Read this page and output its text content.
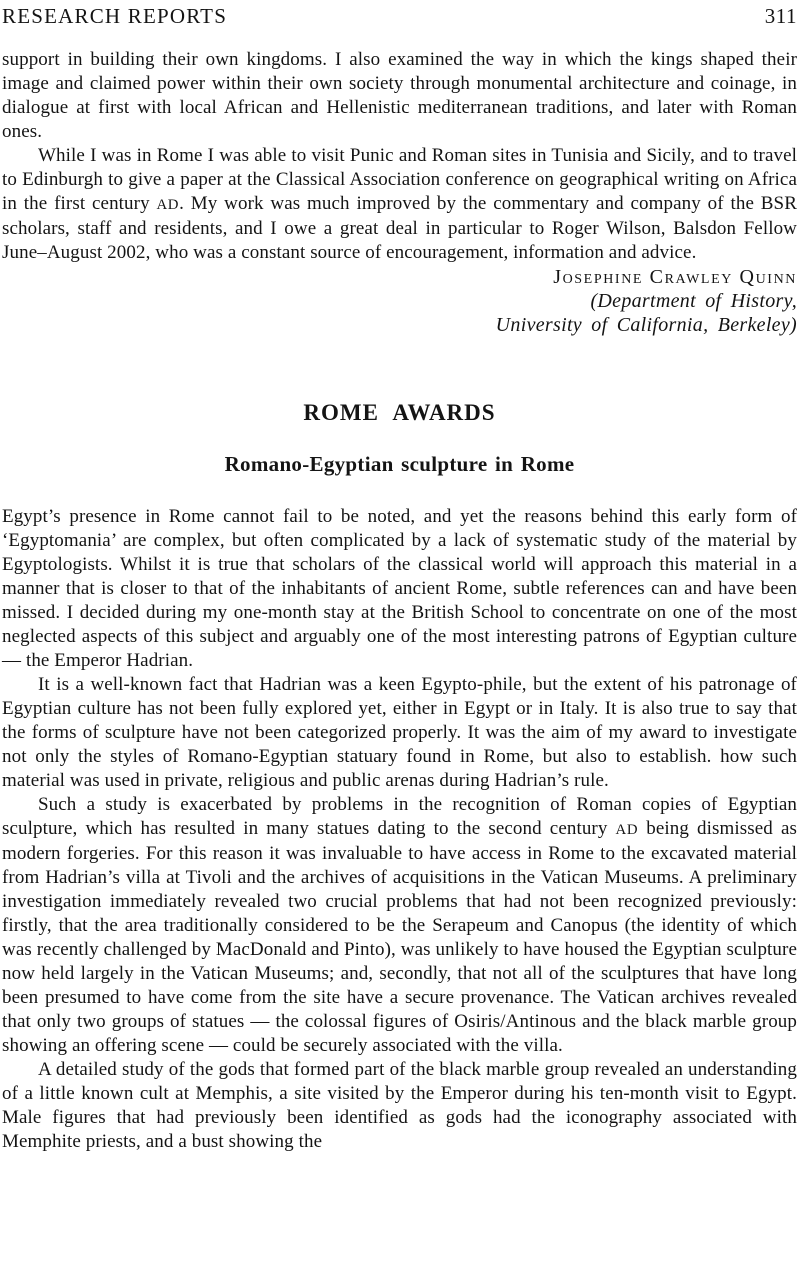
RESEARCH REPORTS	311

support in building their own kingdoms. I also examined the way in which the kings shaped their image and claimed power within their own society through monumental architecture and coinage, in dialogue at first with local African and Hellenistic mediterranean traditions, and later with Roman ones.

While I was in Rome I was able to visit Punic and Roman sites in Tunisia and Sicily, and to travel to Edinburgh to give a paper at the Classical Association conference on geographical writing on Africa in the first century AD. My work was much improved by the commentary and company of the BSR scholars, staff and residents, and I owe a great deal in particular to Roger Wilson, Balsdon Fellow June–August 2002, who was a constant source of encouragement, information and advice.

Josephine Crawley Quinn
(Department of History,
University of California, Berkeley)
ROME AWARDS
Romano-Egyptian sculpture in Rome

Egypt’s presence in Rome cannot fail to be noted, and yet the reasons behind this early form of ‘Egyptomania’ are complex, but often complicated by a lack of systematic study of the material by Egyptologists. Whilst it is true that scholars of the classical world will approach this material in a manner that is closer to that of the inhabitants of ancient Rome, subtle references can and have been missed. I decided during my one-month stay at the British School to concentrate on one of the most neglected aspects of this subject and arguably one of the most interesting patrons of Egyptian culture — the Emperor Hadrian.

It is a well-known fact that Hadrian was a keen Egypto-phile, but the extent of his patronage of Egyptian culture has not been fully explored yet, either in Egypt or in Italy. It is also true to say that the forms of sculpture have not been categorized properly. It was the aim of my award to investigate not only the styles of Romano-Egyptian statuary found in Rome, but also to establish. how such material was used in private, religious and public arenas during Hadrian’s rule.

Such a study is exacerbated by problems in the recognition of Roman copies of Egyptian sculpture, which has resulted in many statues dating to the second century AD being dismissed as modern forgeries. For this reason it was invaluable to have access in Rome to the excavated material from Hadrian’s villa at Tivoli and the archives of acquisitions in the Vatican Museums. A preliminary investigation immediately revealed two crucial problems that had not been recognized previously: firstly, that the area traditionally considered to be the Serapeum and Canopus (the identity of which was recently challenged by MacDonald and Pinto), was unlikely to have housed the Egyptian sculpture now held largely in the Vatican Museums; and, secondly, that not all of the sculptures that have long been presumed to have come from the site have a secure provenance. The Vatican archives revealed that only two groups of statues — the colossal figures of Osiris/Antinous and the black marble group showing an offering scene — could be securely associated with the villa.

A detailed study of the gods that formed part of the black marble group revealed an understanding of a little known cult at Memphis, a site visited by the Emperor during his ten-month visit to Egypt. Male figures that had previously been identified as gods had the iconography associated with Memphite priests, and a bust showing the
